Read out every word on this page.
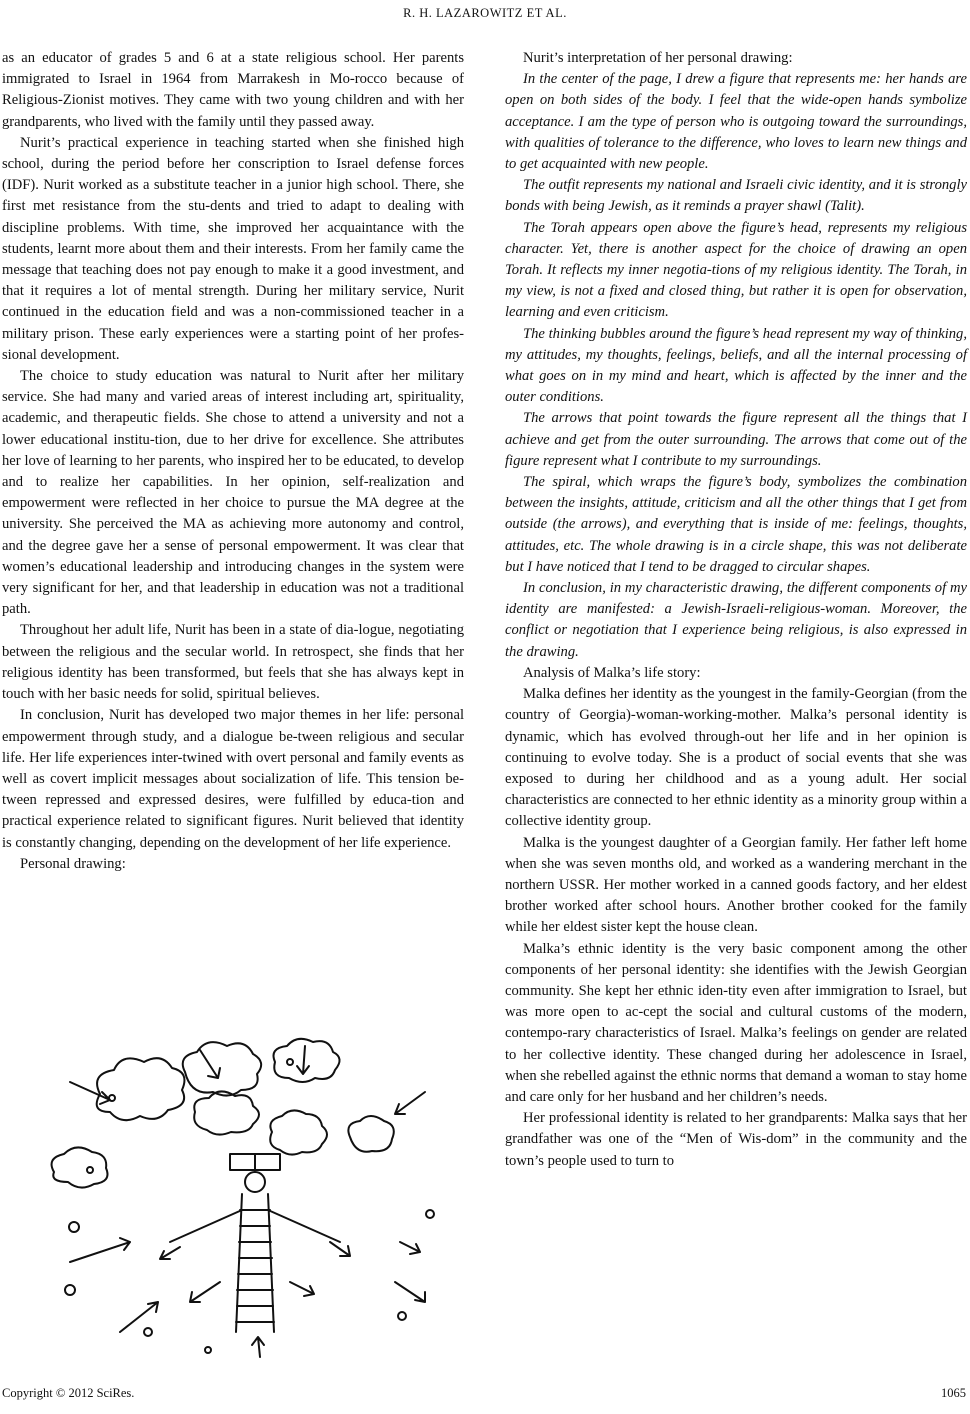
R. H. LAZAROWITZ ET AL.

as an educator of grades 5 and 6 at a state religious school. Her parents immigrated to Israel in 1964 from Marrakesh in Mo-rocco because of Religious-Zionist motives. They came with two young children and with her grandparents, who lived with the family until they passed away.

Nurit’s practical experience in teaching started when she finished high school, during the period before her conscription to Israel defense forces (IDF). Nurit worked as a substitute teacher in a junior high school. There, she first met resistance from the stu-dents and tried to adapt to dealing with discipline problems. With time, she improved her acquaintance with the students, learnt more about them and their interests. From her family came the message that teaching does not pay enough to make it a good investment, and that it requires a lot of mental strength. During her military service, Nurit continued in the education field and was a non-commissioned teacher in a military prison. These early experiences were a starting point of her profes-sional development.

The choice to study education was natural to Nurit after her military service. She had many and varied areas of interest including art, spirituality, academic, and therapeutic fields. She chose to attend a university and not a lower educational institu-tion, due to her drive for excellence. She attributes her love of learning to her parents, who inspired her to be educated, to develop and to realize her capabilities. In her opinion, self-realization and empowerment were reflected in her choice to pursue the MA degree at the university. She perceived the MA as achieving more autonomy and control, and the degree gave her a sense of personal empowerment. It was clear that women’s educational leadership and introducing changes in the system were very significant for her, and that leadership in education was not a traditional path.

Throughout her adult life, Nurit has been in a state of dia-logue, negotiating between the religious and the secular world. In retrospect, she finds that her religious identity has been transformed, but feels that she has always kept in touch with her basic needs for solid, spiritual believes.

In conclusion, Nurit has developed two major themes in her life: personal empowerment through study, and a dialogue be-tween religious and secular life. Her life experiences inter-twined with overt personal and family events as well as covert implicit messages about socialization of life. This tension be-tween repressed and expressed desires, were fulfilled by educa-tion and practical experience related to significant figures. Nurit believed that identity is constantly changing, depending on the development of her life experience.

Personal drawing:

Nurit’s interpretation of her personal drawing:

In the center of the page, I drew a figure that represents me: her hands are open on both sides of the body. I feel that the wide-open hands symbolize acceptance. I am the type of person who is outgoing toward the surroundings, with qualities of tolerance to the difference, who loves to learn new things and to get acquainted with new people.

The outfit represents my national and Israeli civic identity, and it is strongly bonds with being Jewish, as it reminds a prayer shawl (Talit).

The Torah appears open above the figure’s head, represents my religious character. Yet, there is another aspect for the choice of drawing an open Torah. It reflects my inner negotia-tions of my religious identity. The Torah, in my view, is not a fixed and closed thing, but rather it is open for observation, learning and even criticism.

The thinking bubbles around the figure’s head represent my way of thinking, my attitudes, my thoughts, feelings, beliefs, and all the internal processing of what goes on in my mind and heart, which is affected by the inner and the outer conditions.

The arrows that point towards the figure represent all the things that I achieve and get from the outer surrounding. The arrows that come out of the figure represent what I contribute to my surroundings.

The spiral, which wraps the figure’s body, symbolizes the combination between the insights, attitude, criticism and all the other things that I get from outside (the arrows), and everything that is inside of me: feelings, thoughts, attitudes, etc. The whole drawing is in a circle shape, this was not deliberate but I have noticed that I tend to be dragged to circular shapes.

In conclusion, in my characteristic drawing, the different components of my identity are manifested: a Jewish-Israeli-religious-woman. Moreover, the conflict or negotiation that I experience being religious, is also expressed in the drawing.

Analysis of Malka’s life story:

Malka defines her identity as the youngest in the family-Georgian (from the country of Georgia)-woman-working-mother. Malka’s personal identity is dynamic, which has evolved through-out her life and in her opinion is continuing to evolve today. She is a product of social events that she was exposed to during her childhood and as a young adult. Her social characteristics are connected to her ethnic identity as a minority group within a collective identity group.

Malka is the youngest daughter of a Georgian family. Her father left home when she was seven months old, and worked as a wandering merchant in the northern USSR. Her mother worked in a canned goods factory, and her eldest brother worked after school hours. Another brother cooked for the family while her eldest sister kept the house clean.

Malka’s ethnic identity is the very basic component among the other components of her personal identity: she identifies with the Jewish Georgian community. She kept her ethnic iden-tity even after immigration to Israel, but was more open to ac-cept the social and cultural customs of the modern, contempo-rary characteristics of Israel. Malka’s feelings on gender are related to her collective identity. These changed during her adolescence in Israel, when she rebelled against the ethnic norms that demand a woman to stay home and care only for her husband and her children’s needs.

Her professional identity is related to her grandparents: Malka says that her grandfather was one of the “Men of Wis-dom” in the community and the town’s people used to turn to

Copyright © 2012 SciRes.	1065
